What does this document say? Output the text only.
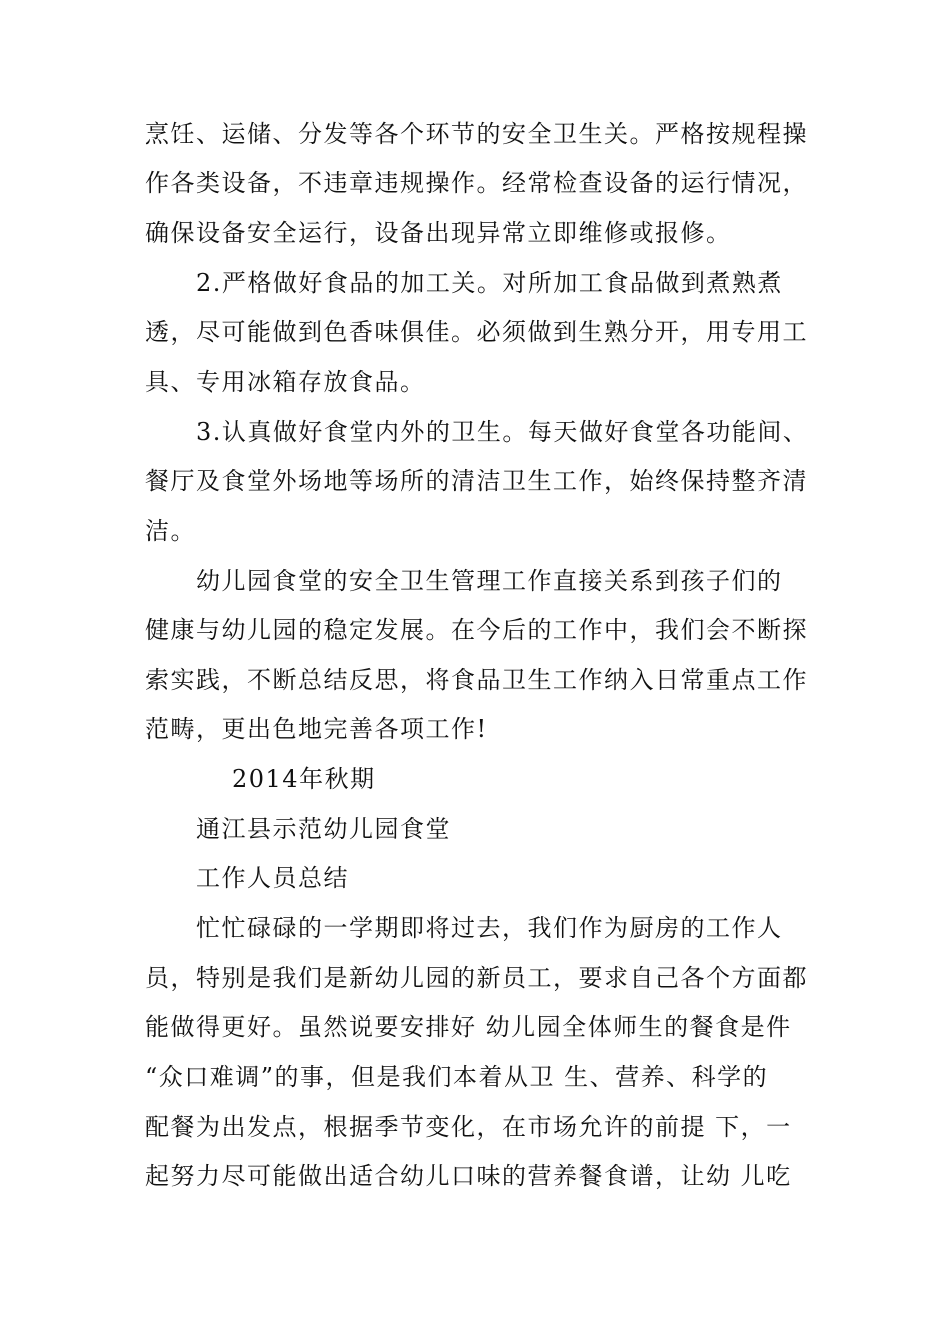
烹饪、运储、分发等各个环节的安全卫生关。严格按规程操
作各类设备，不违章违规操作。经常检查设备的运行情况，
确保设备安全运行，设备出现异常立即维修或报修。
2.严格做好食品的加工关。对所加工食品做到煮熟煮
透，尽可能做到色香味俱佳。必须做到生熟分开，用专用工
具、专用冰箱存放食品。
3.认真做好食堂内外的卫生。每天做好食堂各功能间、
餐厅及食堂外场地等场所的清洁卫生工作，始终保持整齐清
洁。
幼儿园食堂的安全卫生管理工作直接关系到孩子们的
健康与幼儿园的稳定发展。在今后的工作中，我们会不断探
索实践，不断总结反思，将食品卫生工作纳入日常重点工作
范畴，更出色地完善各项工作!
2014年秋期
通江县示范幼儿园食堂
工作人员总结
忙忙碌碌的一学期即将过去，我们作为厨房的工作人
员，特别是我们是新幼儿园的新员工，要求自己各个方面都
能做得更好。虽然说要安排好 幼儿园全体师生的餐食是件
“众口难调”的事，但是我们本着从卫 生、营养、科学的
配餐为出发点，根据季节变化，在市场允许的前提 下，一
起努力尽可能做出适合幼儿口味的营养餐食谱，让幼 儿吃
